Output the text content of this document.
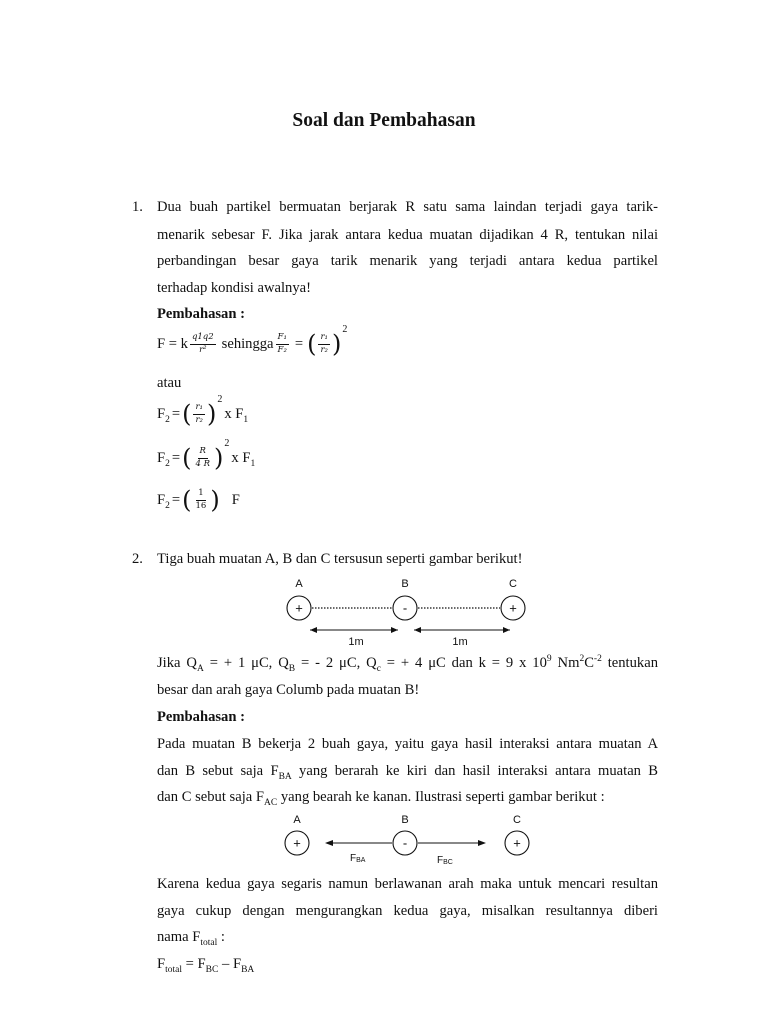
Soal dan Pembahasan
1. Dua buah partikel bermuatan berjarak R satu sama laindan terjadi gaya tarik-
menarik sebesar F. Jika jarak antara kedua muatan dijadikan 4 R, tentukan nilai
perbandingan besar gaya tarik menarik yang terjadi antara kedua partikel
terhadap kondisi awalnya!
Pembahasan :
F = k $\frac{q1q2}{\text{r²}}$ sehingga $\frac{\text{F₁}}{\text{F₂}}$ = ( $\frac{\text{r₁}}{\text{r₂}}$ )
2
atau
$F_2$ = ( $\frac{\text{r₁}}{\text{r₂}}$ )
2
x $F_1$
$F_2$ = ( $\frac{R}{4 R}$ )
2
x $F_1$
$F_2$ = ( $\frac{1}{16}$ ) F
2. Tiga buah muatan A, B dan C tersusun seperti gambar berikut!
A	B	C
+	-	+
1m	1m
Jika $Q_A$ = + 1 μC, $Q_B$ = - 2 μC, $Q_c$ = + 4 μC dan k = 9 x $10^9$ $Nm^2C^{-2}$ tentukan
besar dan arah gaya Columb pada muatan B!
Pembahasan :
Pada muatan B bekerja 2 buah gaya, yaitu gaya hasil interaksi antara muatan A
dan B sebut saja $F_{BA}$ yang berarah ke kiri dan hasil interaksi antara muatan B
dan C sebut saja $F_{AC}$ yang bearah ke kanan. Ilustrasi seperti gambar berikut :
A	B	C
+	-	+
FBA	FBC
Karena kedua gaya segaris namun berlawanan arah maka untuk mencari resultan
gaya cukup dengan mengurangkan kedua gaya, misalkan resultannya diberi
nama $F_{total}$ :
$F_{total} = F_{BC} - F_{BA}$
